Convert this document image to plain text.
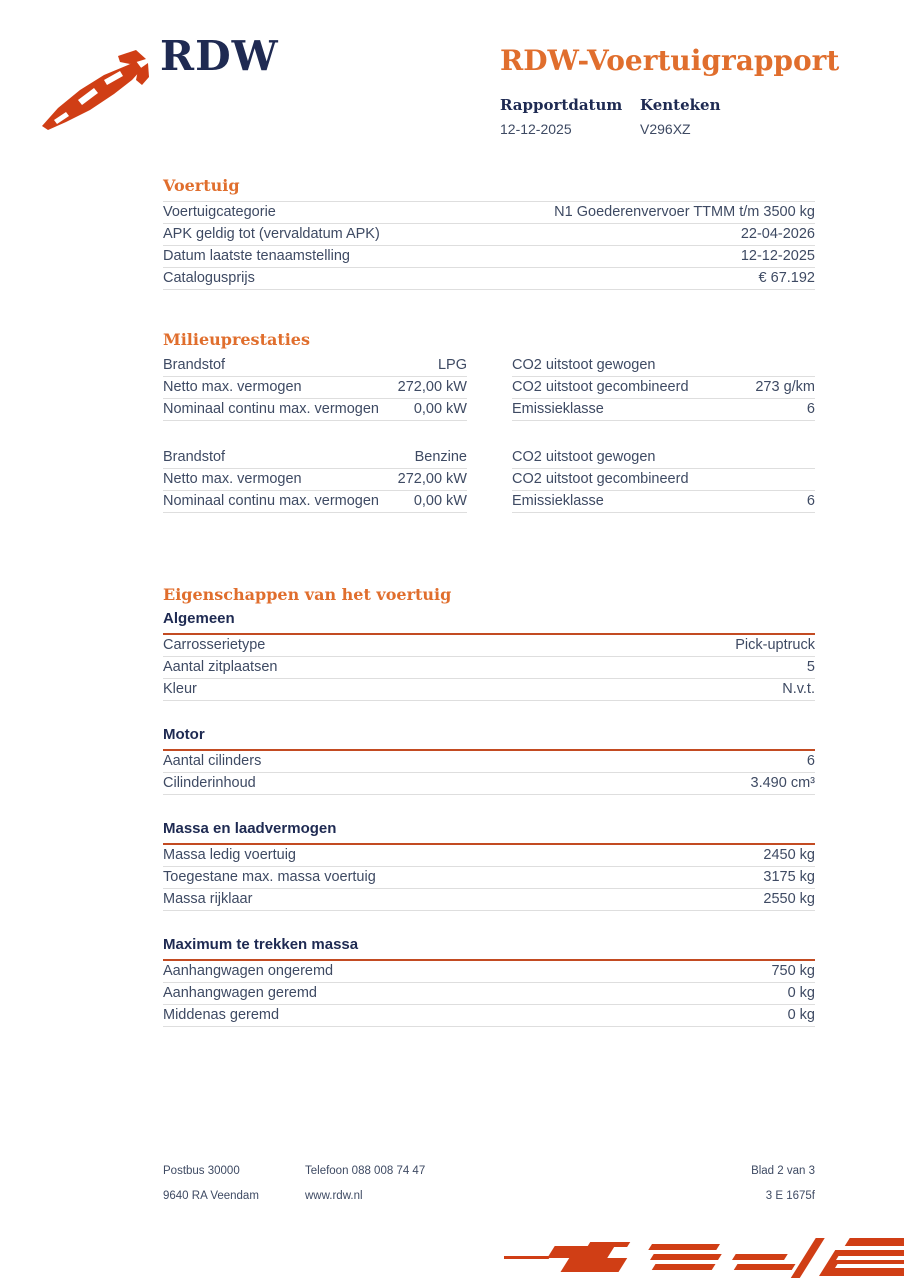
RDW	RDW-Voertuigrapport
Rapportdatum
12-12-2025
Kenteken
V296XZ
Voertuig
Voertuigcategorie	N1 Goederenvervoer TTMM t/m 3500 kg
APK geldig tot (vervaldatum APK)	22-04-2026
Datum laatste tenaamstelling	12-12-2025
Catalogusprijs	€ 67.192
Milieuprestaties
Brandstof	LPG
Netto max. vermogen	272,00 kW
Nominaal continu max. vermogen 0,00 kW
CO2 uitstoot gewogen
CO2 uitstoot gecombineerd	273 g/km
Emissieklasse	6
Brandstof	Benzine
Netto max. vermogen	272,00 kW
Nominaal continu max. vermogen 0,00 kW
CO2 uitstoot gewogen
CO2 uitstoot gecombineerd
Emissieklasse	6
Eigenschappen van het voertuig
Algemeen
Carrosserietype	Pick-uptruck
Aantal zitplaatsen	5
Kleur	N.v.t.
Motor
Aantal cilinders	6
Cilinderinhoud	3.490 cm³
Massa en laadvermogen
Massa ledig voertuig	2450 kg
Toegestane max. massa voertuig	3175 kg
Massa rijklaar	2550 kg
Maximum te trekken massa
Aanhangwagen ongeremd	750 kg
Aanhangwagen geremd	0 kg
Middenas geremd	0 kg
Postbus 30000	Telefoon 088 008 74 47	Blad 2 van 3
9640 RA Veendam	www.rdw.nl	3 E 1675f
